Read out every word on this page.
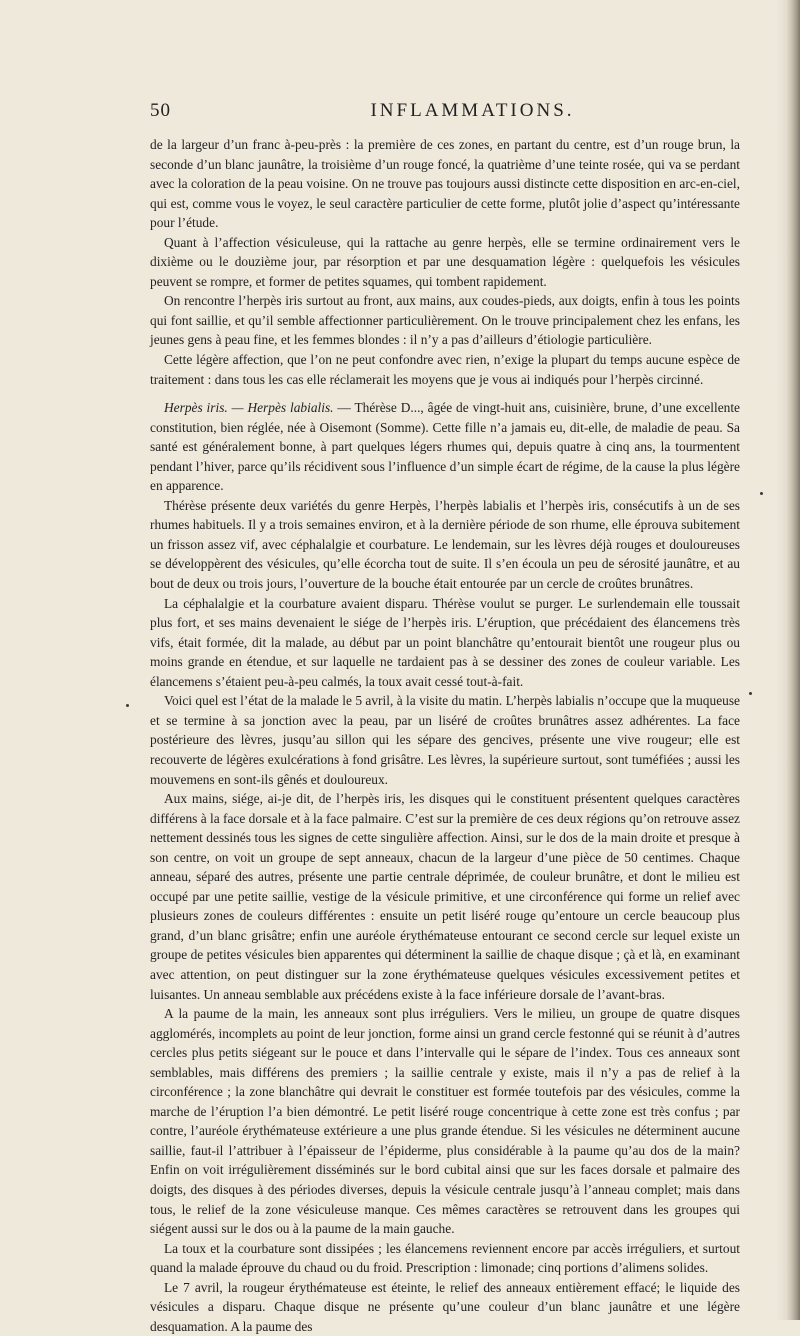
50	INFLAMMATIONS.

de la largeur d’un franc à-peu-près : la première de ces zones, en partant du centre, est d’un rouge brun, la seconde d’un blanc jaunâtre, la troisième d’un rouge foncé, la quatrième d’une teinte rosée, qui va se perdant avec la coloration de la peau voisine. On ne trouve pas toujours aussi distincte cette disposition en arc-en-ciel, qui est, comme vous le voyez, le seul caractère particulier de cette forme, plutôt jolie d’aspect qu’intéressante pour l’étude.

Quant à l’affection vésiculeuse, qui la rattache au genre herpès, elle se termine ordinairement vers le dixième ou le douzième jour, par résorption et par une desquamation légère : quelquefois les vésicules peuvent se rompre, et former de petites squames, qui tombent rapidement.

On rencontre l’herpès iris surtout au front, aux mains, aux coudes-pieds, aux doigts, enfin à tous les points qui font saillie, et qu’il semble affectionner particulièrement. On le trouve principalement chez les enfans, les jeunes gens à peau fine, et les femmes blondes : il n’y a pas d’ailleurs d’étiologie particulière.

Cette légère affection, que l’on ne peut confondre avec rien, n’exige la plupart du temps aucune espèce de traitement : dans tous les cas elle réclamerait les moyens que je vous ai indiqués pour l’herpès circinné.

Herpès iris. — Herpès labialis. — Thérèse D..., âgée de vingt-huit ans, cuisinière, brune, d’une excellente constitution, bien réglée, née à Oisemont (Somme). Cette fille n’a jamais eu, dit-elle, de maladie de peau. Sa santé est généralement bonne, à part quelques légers rhumes qui, depuis quatre à cinq ans, la tourmentent pendant l’hiver, parce qu’ils récidivent sous l’influence d’un simple écart de régime, de la cause la plus légère en apparence.

Thérèse présente deux variétés du genre Herpès, l’herpès labialis et l’herpès iris, consécutifs à un de ses rhumes habituels. Il y a trois semaines environ, et à la dernière période de son rhume, elle éprouva subitement un frisson assez vif, avec céphalalgie et courbature. Le lendemain, sur les lèvres déjà rouges et douloureuses se développèrent des vésicules, qu’elle écorcha tout de suite. Il s’en écoula un peu de sérosité jaunâtre, et au bout de deux ou trois jours, l’ouverture de la bouche était entourée par un cercle de croûtes brunâtres.

La céphalalgie et la courbature avaient disparu. Thérèse voulut se purger. Le surlendemain elle toussait plus fort, et ses mains devenaient le siége de l’herpès iris. L’éruption, que précédaient des élancemens très vifs, était formée, dit la malade, au début par un point blanchâtre qu’entourait bientôt une rougeur plus ou moins grande en étendue, et sur laquelle ne tardaient pas à se dessiner des zones de couleur variable. Les élancemens s’étaient peu-à-peu calmés, la toux avait cessé tout-à-fait.

Voici quel est l’état de la malade le 5 avril, à la visite du matin. L’herpès labialis n’occupe que la muqueuse et se termine à sa jonction avec la peau, par un liséré de croûtes brunâtres assez adhérentes. La face postérieure des lèvres, jusqu’au sillon qui les sépare des gencives, présente une vive rougeur; elle est recouverte de légères exulcérations à fond grisâtre. Les lèvres, la supérieure surtout, sont tuméfiées ; aussi les mouvemens en sont-ils gênés et douloureux.

Aux mains, siége, ai-je dit, de l’herpès iris, les disques qui le constituent présentent quelques caractères différens à la face dorsale et à la face palmaire. C’est sur la première de ces deux régions qu’on retrouve assez nettement dessinés tous les signes de cette singulière affection. Ainsi, sur le dos de la main droite et presque à son centre, on voit un groupe de sept anneaux, chacun de la largeur d’une pièce de 50 centimes. Chaque anneau, séparé des autres, présente une partie centrale déprimée, de couleur brunâtre, et dont le milieu est occupé par une petite saillie, vestige de la vésicule primitive, et une circonférence qui forme un relief avec plusieurs zones de couleurs différentes : ensuite un petit liséré rouge qu’entoure un cercle beaucoup plus grand, d’un blanc grisâtre; enfin une auréole érythémateuse entourant ce second cercle sur lequel existe un groupe de petites vésicules bien apparentes qui déterminent la saillie de chaque disque ; çà et là, en examinant avec attention, on peut distinguer sur la zone érythémateuse quelques vésicules excessivement petites et luisantes. Un anneau semblable aux précédens existe à la face inférieure dorsale de l’avant-bras.

A la paume de la main, les anneaux sont plus irréguliers. Vers le milieu, un groupe de quatre disques agglomérés, incomplets au point de leur jonction, forme ainsi un grand cercle festonné qui se réunit à d’autres cercles plus petits siégeant sur le pouce et dans l’intervalle qui le sépare de l’index. Tous ces anneaux sont semblables, mais différens des premiers ; la saillie centrale y existe, mais il n’y a pas de relief à la circonférence ; la zone blanchâtre qui devrait le constituer est formée toutefois par des vésicules, comme la marche de l’éruption l’a bien démontré. Le petit liséré rouge concentrique à cette zone est très confus ; par contre, l’auréole érythémateuse extérieure a une plus grande étendue. Si les vésicules ne déterminent aucune saillie, faut-il l’attribuer à l’épaisseur de l’épiderme, plus considérable à la paume qu’au dos de la main? Enfin on voit irrégulièrement disséminés sur le bord cubital ainsi que sur les faces dorsale et palmaire des doigts, des disques à des périodes diverses, depuis la vésicule centrale jusqu’à l’anneau complet; mais dans tous, le relief de la zone vésiculeuse manque. Ces mêmes caractères se retrouvent dans les groupes qui siégent aussi sur le dos ou à la paume de la main gauche.

La toux et la courbature sont dissipées ; les élancemens reviennent encore par accès irréguliers, et surtout quand la malade éprouve du chaud ou du froid. Prescription : limonade; cinq portions d’alimens solides.

Le 7 avril, la rougeur érythémateuse est éteinte, le relief des anneaux entièrement effacé; le liquide des vésicules a disparu. Chaque disque ne présente qu’une couleur d’un blanc jaunâtre et une légère desquamation. A la paume des
